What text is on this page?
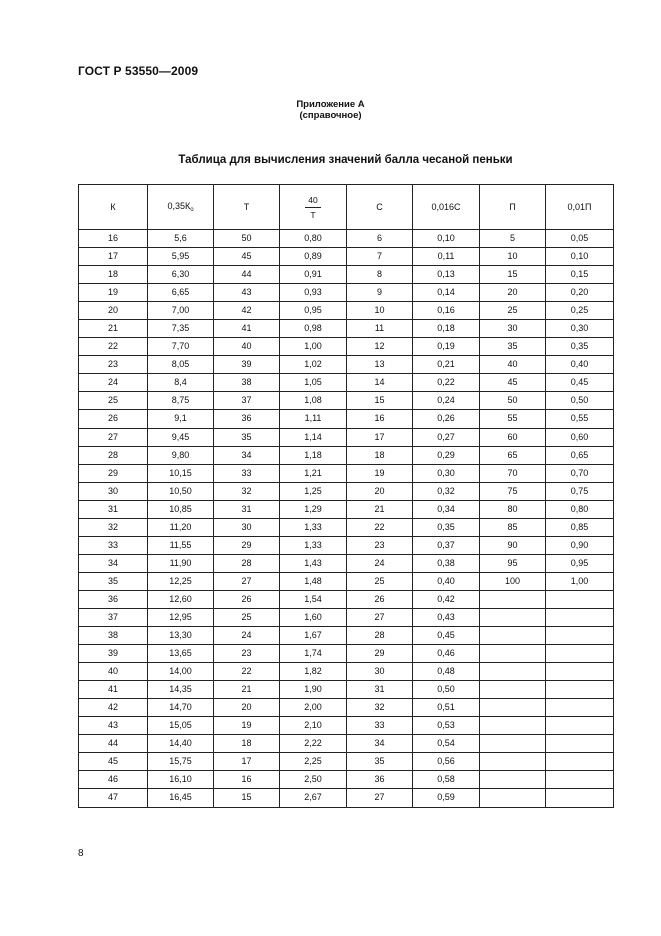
ГОСТ Р 53550—2009
Приложение А
(справочное)
Таблица для вычисления значений балла чесаной пеньки
К	$0,35К_о$	Т	$\frac{40}{Т}$	С	0,016С	П	0,01П
16	5,6	50	0,80	6	0,10	5	0,05
17	5,95	45	0,89	7	0,11	10	0,10
18	6,30	44	0,91	8	0,13	15	0,15
19	6,65	43	0,93	9	0,14	20	0,20
20	7,00	42	0,95	10	0,16	25	0,25
21	7,35	41	0,98	11	0,18	30	0,30
22	7,70	40	1,00	12	0,19	35	0,35
23	8,05	39	1,02	13	0,21	40	0,40
24	8,4	38	1,05	14	0,22	45	0,45
25	8,75	37	1,08	15	0,24	50	0,50
26	9,1	36	1,11	16	0,26	55	0,55
27	9,45	35	1,14	17	0,27	60	0,60
28	9,80	34	1,18	18	0,29	65	0,65
29	10,15	33	1,21	19	0,30	70	0,70
30	10,50	32	1,25	20	0,32	75	0,75
31	10,85	31	1,29	21	0,34	80	0,80
32	11,20	30	1,33	22	0,35	85	0,85
33	11,55	29	1,33	23	0,37	90	0,90
34	11,90	28	1,43	24	0,38	95	0,95
35	12,25	27	1,48	25	0,40	100	1,00
36	12,60	26	1,54	26	0,42		
37	12,95	25	1,60	27	0,43		
38	13,30	24	1,67	28	0,45		
39	13,65	23	1,74	29	0,46		
40	14,00	22	1,82	30	0,48		
41	14,35	21	1,90	31	0,50		
42	14,70	20	2,00	32	0,51		
43	15,05	19	2,10	33	0,53		
44	14,40	18	2,22	34	0,54		
45	15,75	17	2,25	35	0,56		
46	16,10	16	2,50	36	0,58		
47	16,45	15	2,67	27	0,59		
8
